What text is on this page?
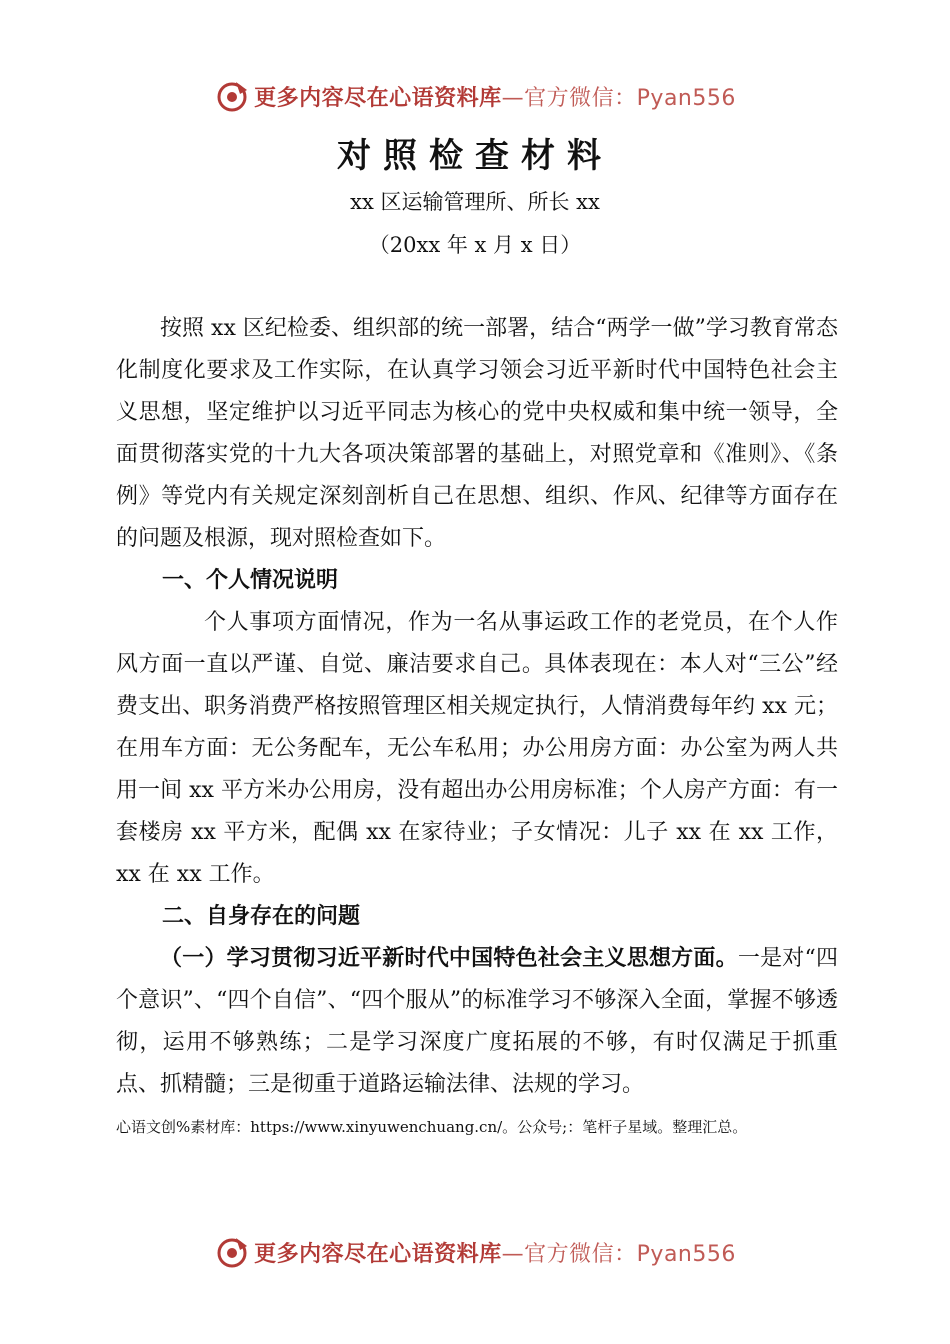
更多内容尽在心语资料库—官方微信：Pyan556
对照检查材料
xx 区运输管理所、所长 xx
（20xx 年 x 月 x 日）

按照 xx 区纪检委、组织部的统一部署，结合“两学一做”学习教育常态化制度化要求及工作实际，在认真学习领会习近平新时代中国特色社会主义思想，坚定维护以习近平同志为核心的党中央权威和集中统一领导，全面贯彻落实党的十九大各项决策部署的基础上，对照党章和《准则》、《条例》等党内有关规定深刻剖析自己在思想、组织、作风、纪律等方面存在的问题及根源，现对照检查如下。

一、个人情况说明

个人事项方面情况，作为一名从事运政工作的老党员，在个人作风方面一直以严谨、自觉、廉洁要求自己。具体表现在：本人对“三公”经费支出、职务消费严格按照管理区相关规定执行，人情消费每年约 xx 元；在用车方面：无公务配车，无公车私用；办公用房方面：办公室为两人共用一间 xx 平方米办公用房，没有超出办公用房标准；个人房产方面：有一套楼房 xx 平方米，配偶 xx 在家待业；子女情况：儿子 xx 在 xx 工作，xx 在 xx 工作。

二、自身存在的问题

（一）学习贯彻习近平新时代中国特色社会主义思想方面。一是对“四个意识”、“四个自信”、“四个服从”的标准学习不够深入全面，掌握不够透彻，运用不够熟练；二是学习深度广度拓展的不够，有时仅满足于抓重点、抓精髓；三是彻重于道路运输法律、法规的学习。

心语文创%素材库：https://www.xinyuwenchuang.cn/。公众号;：笔杆子星域。整理汇总。
更多内容尽在心语资料库—官方微信：Pyan556
